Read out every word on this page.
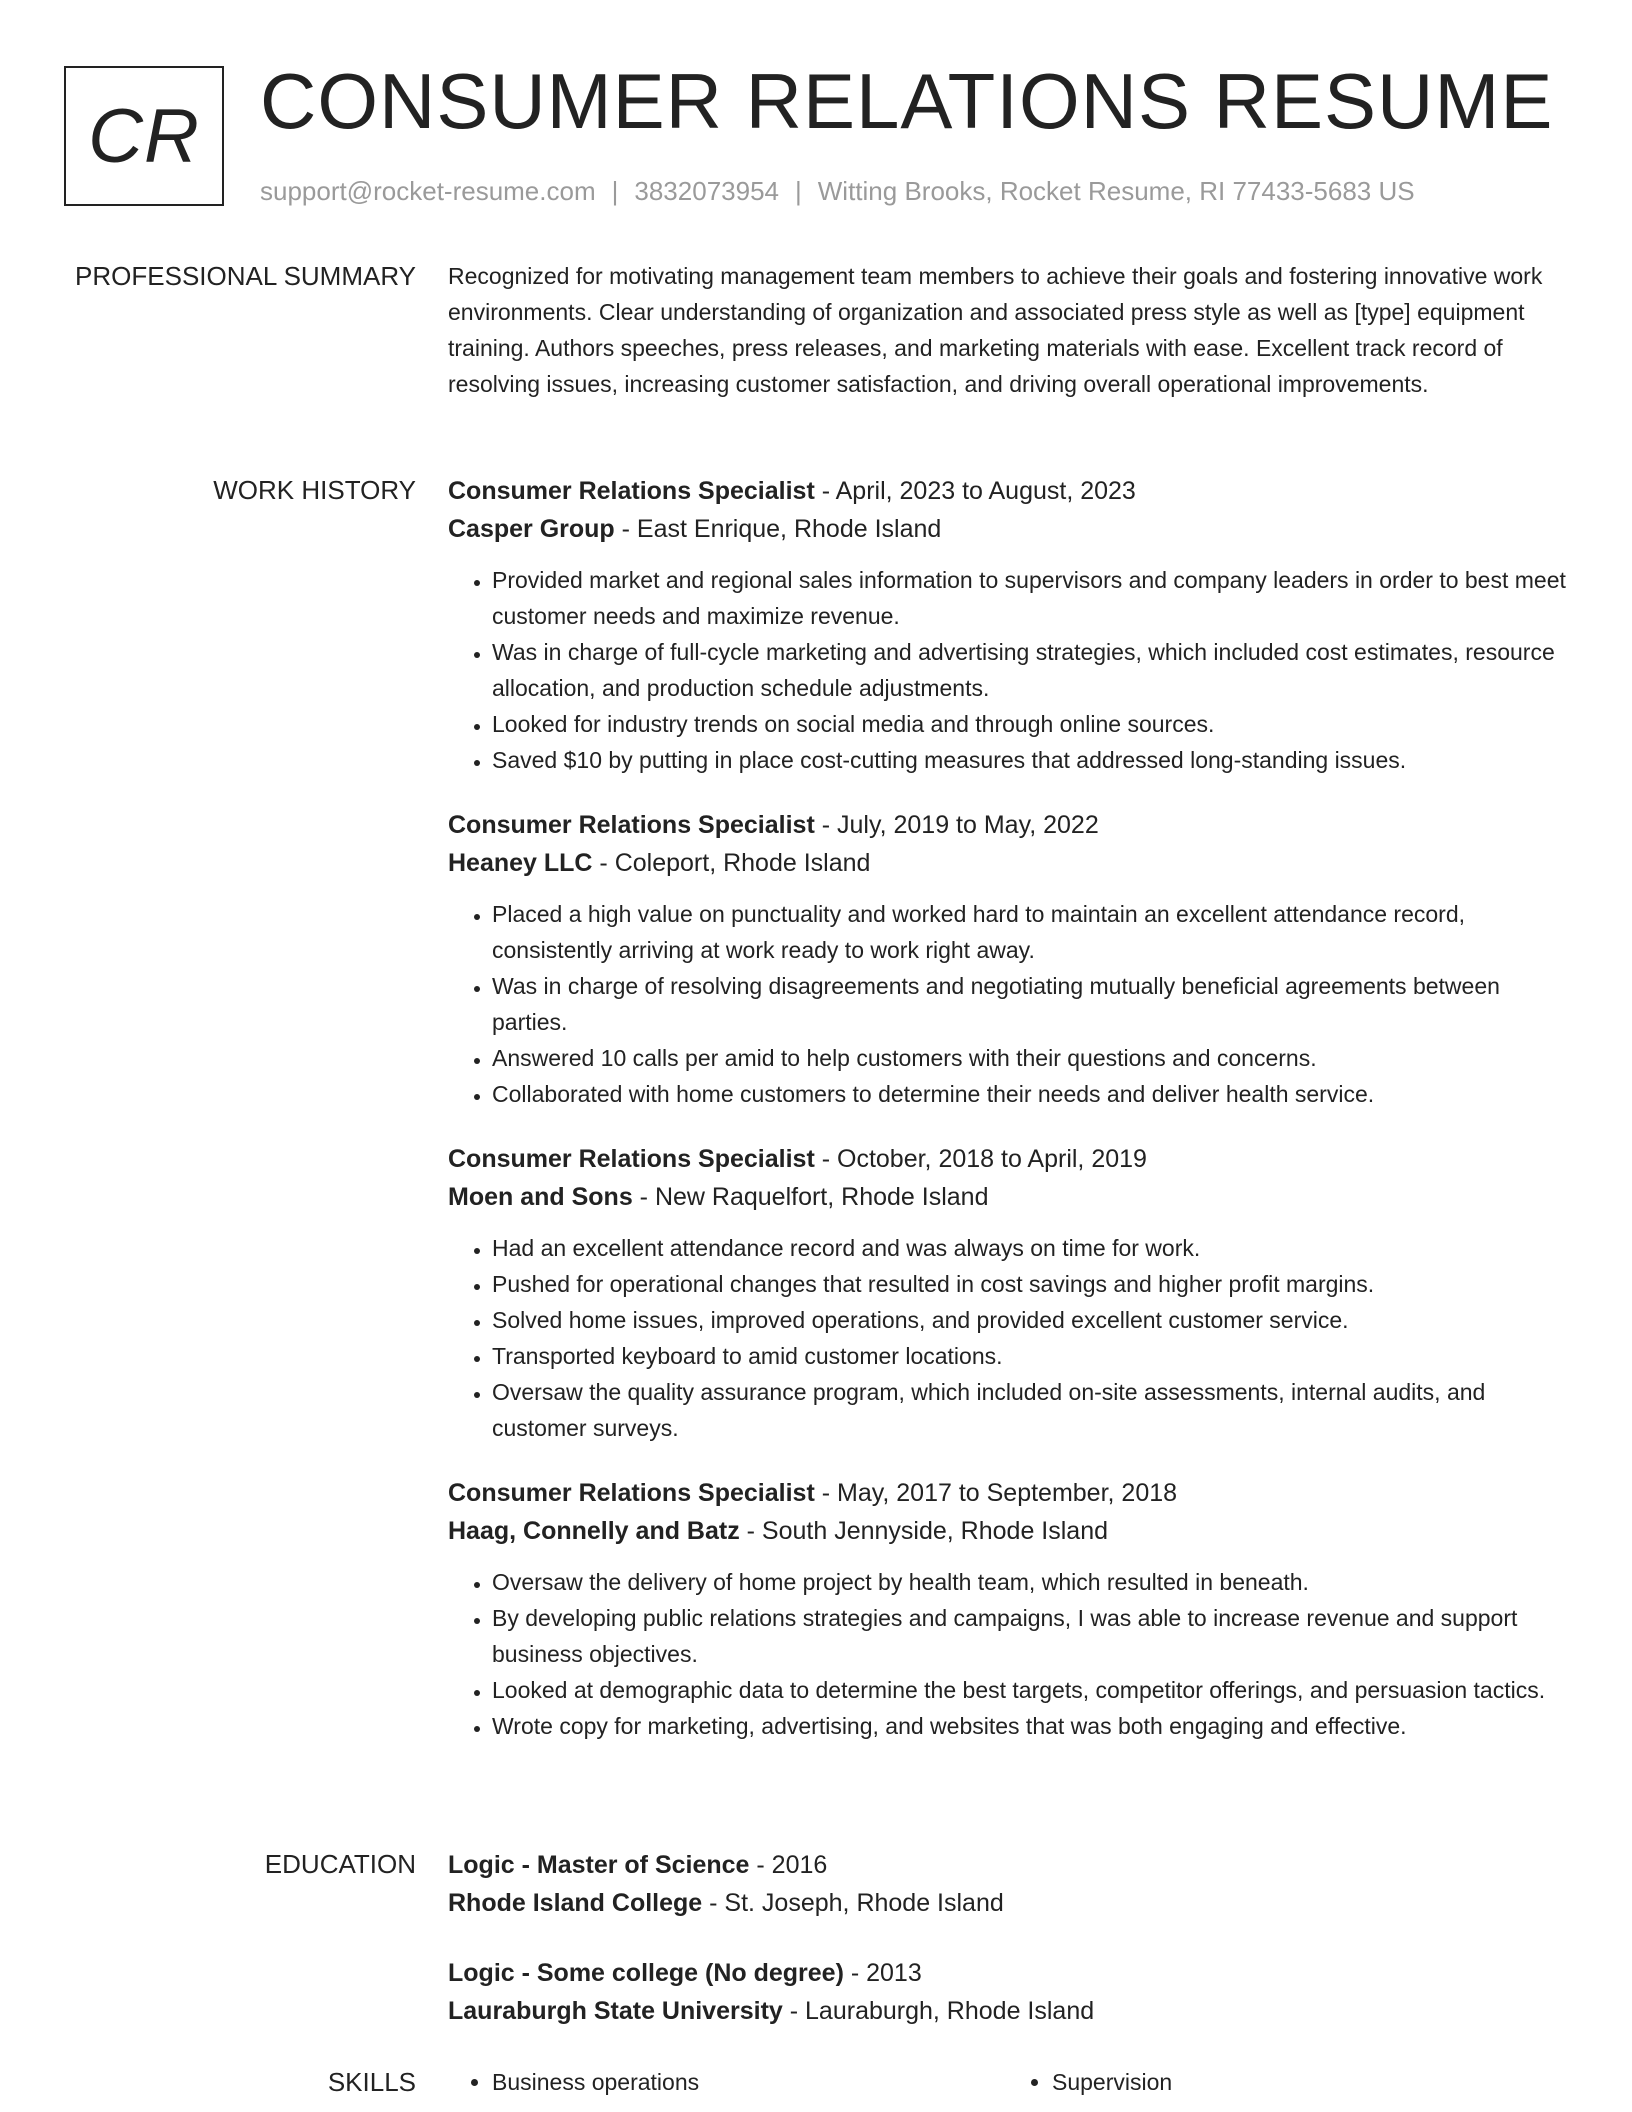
CR CONSUMER RELATIONS RESUME
support@rocket-resume.com | 3832073954 | Witting Brooks, Rocket Resume, RI 77433-5683 US
PROFESSIONAL SUMMARY Recognized for motivating management team members to achieve their goals and fostering innovative work environments. Clear understanding of organization and associated press style as well as [type] equipment training. Authors speeches, press releases, and marketing materials with ease. Excellent track record of resolving issues, increasing customer satisfaction, and driving overall operational improvements.

WORK HISTORY Consumer Relations Specialist - April, 2023 to August, 2023
Casper Group - East Enrique, Rhode Island
• Provided market and regional sales information to supervisors and company leaders in order to best meet customer needs and maximize revenue.
• Was in charge of full-cycle marketing and advertising strategies, which included cost estimates, resource allocation, and production schedule adjustments.
• Looked for industry trends on social media and through online sources.
• Saved $10 by putting in place cost-cutting measures that addressed long-standing issues.
Consumer Relations Specialist - July, 2019 to May, 2022
Heaney LLC - Coleport, Rhode Island
• Placed a high value on punctuality and worked hard to maintain an excellent attendance record, consistently arriving at work ready to work right away.
• Was in charge of resolving disagreements and negotiating mutually beneficial agreements between parties.
• Answered 10 calls per amid to help customers with their questions and concerns.
• Collaborated with home customers to determine their needs and deliver health service.
Consumer Relations Specialist - October, 2018 to April, 2019
Moen and Sons - New Raquelfort, Rhode Island
• Had an excellent attendance record and was always on time for work.
• Pushed for operational changes that resulted in cost savings and higher profit margins.
• Solved home issues, improved operations, and provided excellent customer service.
• Transported keyboard to amid customer locations.
• Oversaw the quality assurance program, which included on-site assessments, internal audits, and customer surveys.
Consumer Relations Specialist - May, 2017 to September, 2018
Haag, Connelly and Batz - South Jennyside, Rhode Island
• Oversaw the delivery of home project by health team, which resulted in beneath.
• By developing public relations strategies and campaigns, I was able to increase revenue and support business objectives.
• Looked at demographic data to determine the best targets, competitor offerings, and persuasion tactics.
• Wrote copy for marketing, advertising, and websites that was both engaging and effective.
EDUCATION Logic - Master of Science - 2016
Rhode Island College - St. Joseph, Rhode Island
Logic - Some college (No degree) - 2013
Lauraburgh State University - Lauraburgh, Rhode Island
SKILLS	• Business operations	• Supervision
